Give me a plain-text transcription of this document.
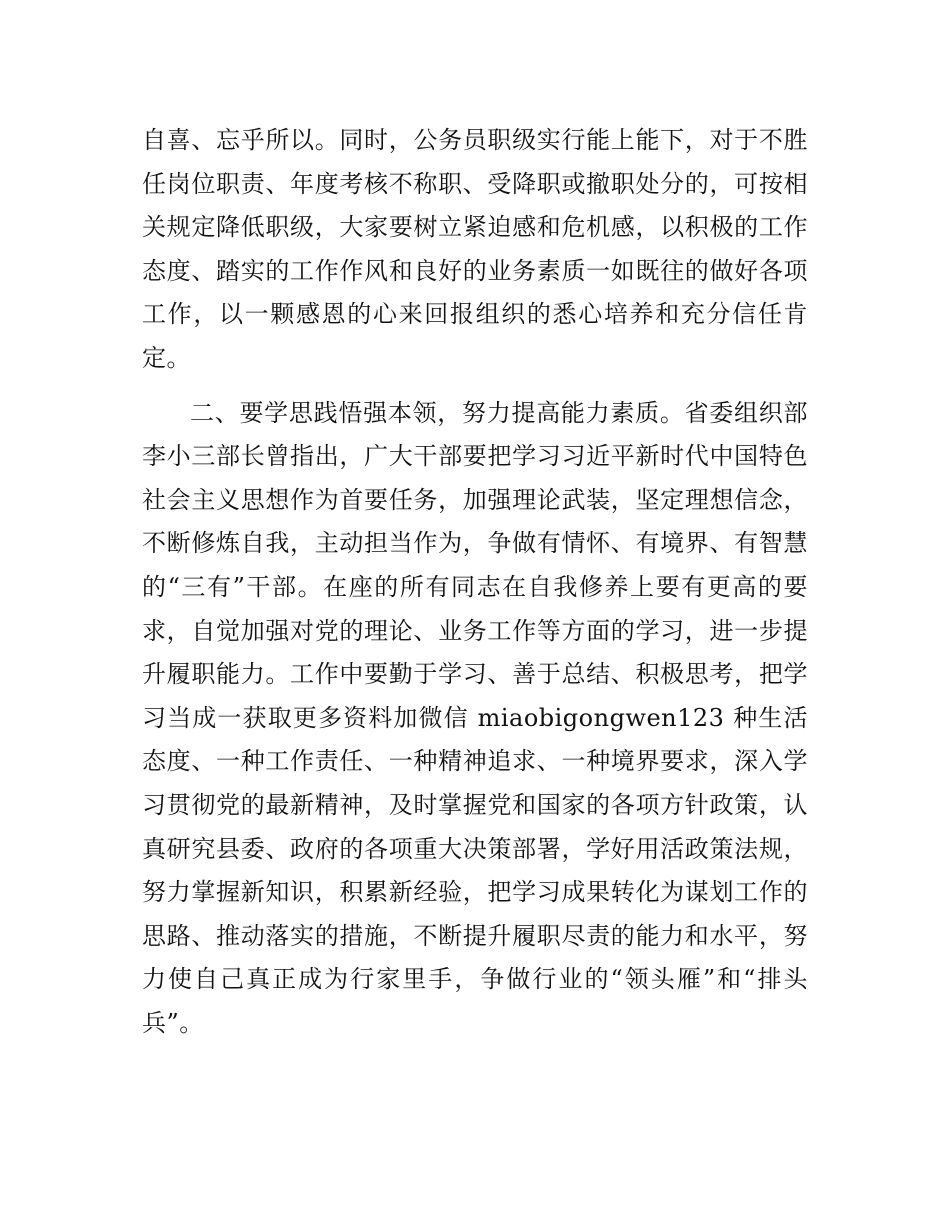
自喜、忘乎所以。同时，公务员职级实行能上能下，对于不胜任岗位职责、年度考核不称职、受降职或撤职处分的，可按相关规定降低职级，大家要树立紧迫感和危机感，以积极的工作态度、踏实的工作作风和良好的业务素质一如既往的做好各项工作，以一颗感恩的心来回报组织的悉心培养和充分信任肯定。

二、要学思践悟强本领，努力提高能力素质。省委组织部李小三部长曾指出，广大干部要把学习习近平新时代中国特色社会主义思想作为首要任务，加强理论武装，坚定理想信念，不断修炼自我，主动担当作为，争做有情怀、有境界、有智慧的“三有”干部。在座的所有同志在自我修养上要有更高的要求，自觉加强对党的理论、业务工作等方面的学习，进一步提升履职能力。工作中要勤于学习、善于总结、积极思考，把学习当成一获取更多资料加微信 miaobigongwen123 种生活态度、一种工作责任、一种精神追求、一种境界要求，深入学习贯彻党的最新精神，及时掌握党和国家的各项方针政策，认真研究县委、政府的各项重大决策部署，学好用活政策法规，努力掌握新知识，积累新经验，把学习成果转化为谋划工作的思路、推动落实的措施，不断提升履职尽责的能力和水平，努力使自己真正成为行家里手，争做行业的“领头雁”和“排头兵”。
